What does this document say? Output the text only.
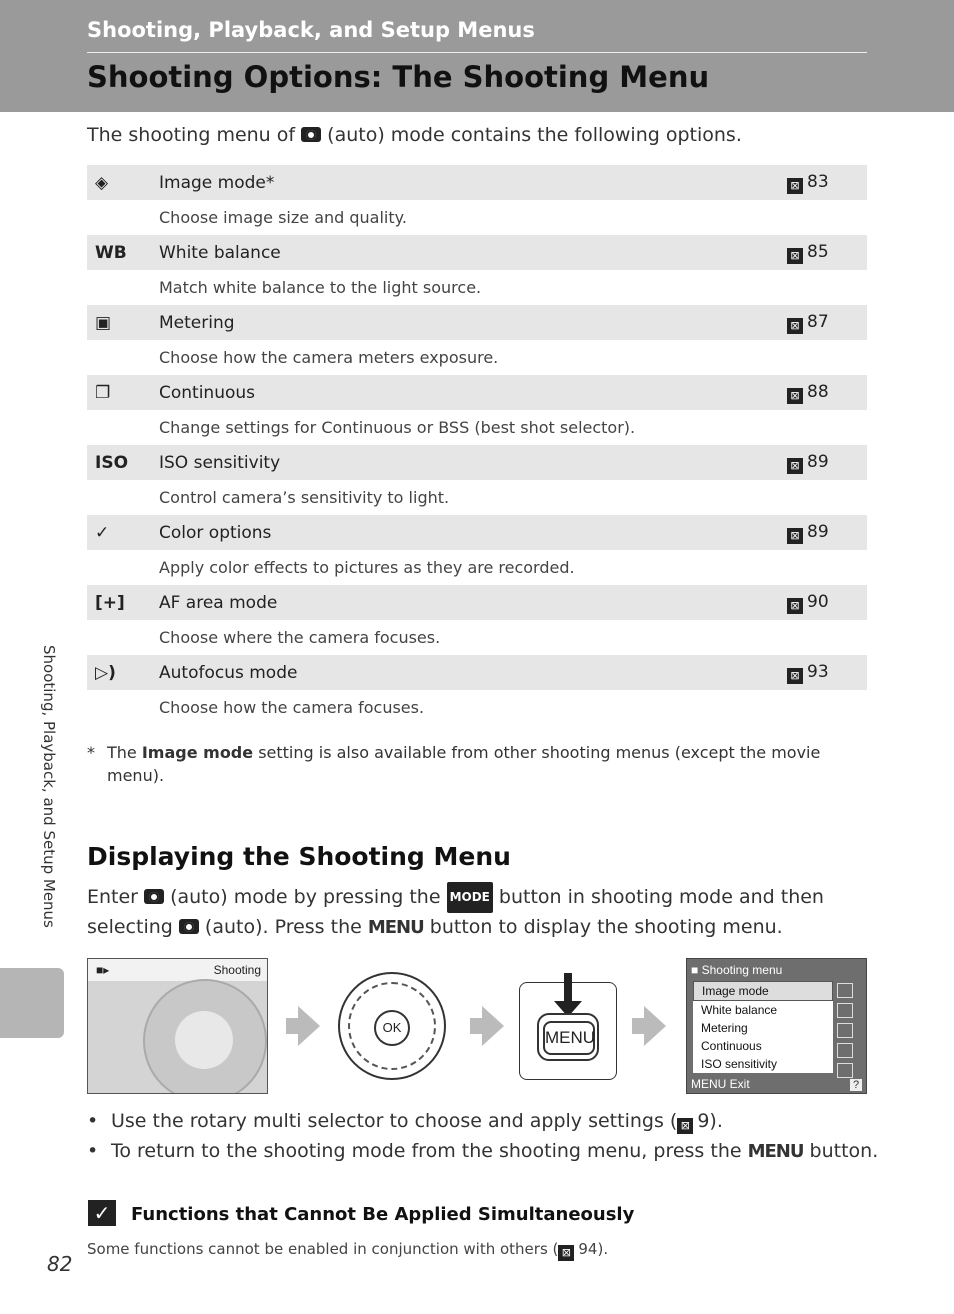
Shooting, Playback, and Setup Menus
Shooting Options: The Shooting Menu
The shooting menu of  (auto) mode contains the following options.
◈	Image mode*	⊠ 83
	Choose image size and quality.	
WB	White balance	⊠ 85
	Match white balance to the light source.	
▣	Metering	⊠ 87
	Choose how the camera meters exposure.	
❐	Continuous	⊠ 88
	Change settings for Continuous or BSS (best shot selector).	
ISO	ISO sensitivity	⊠ 89
	Control camera’s sensitivity to light.	
✓	Color options	⊠ 89
	Apply color effects to pictures as they are recorded.	
[+]	AF area mode	⊠ 90
	Choose where the camera focuses.	
▷)	Autofocus mode	⊠ 93
	Choose how the camera focuses.	
* The Image mode setting is also available from other shooting menus (except the movie menu).
Shooting, Playback, and Setup Menus Displaying the Shooting Menu
Enter  (auto) mode by pressing the MODE button in shooting mode and then selecting  (auto). Press the MENU button to display the shooting menu.
■▸	Shooting
OK
MENU
■ Shooting menu
Image mode
White balance
Metering
Continuous
ISO sensitivity
MENU Exit	?
• Use the rotary multi selector to choose and apply settings ( ⊠ 9).
• To return to the shooting mode from the shooting menu, press the MENU button.
✓	Functions that Cannot Be Applied Simultaneously
Some functions cannot be enabled in conjunction with others ( ⊠ 94).
82
